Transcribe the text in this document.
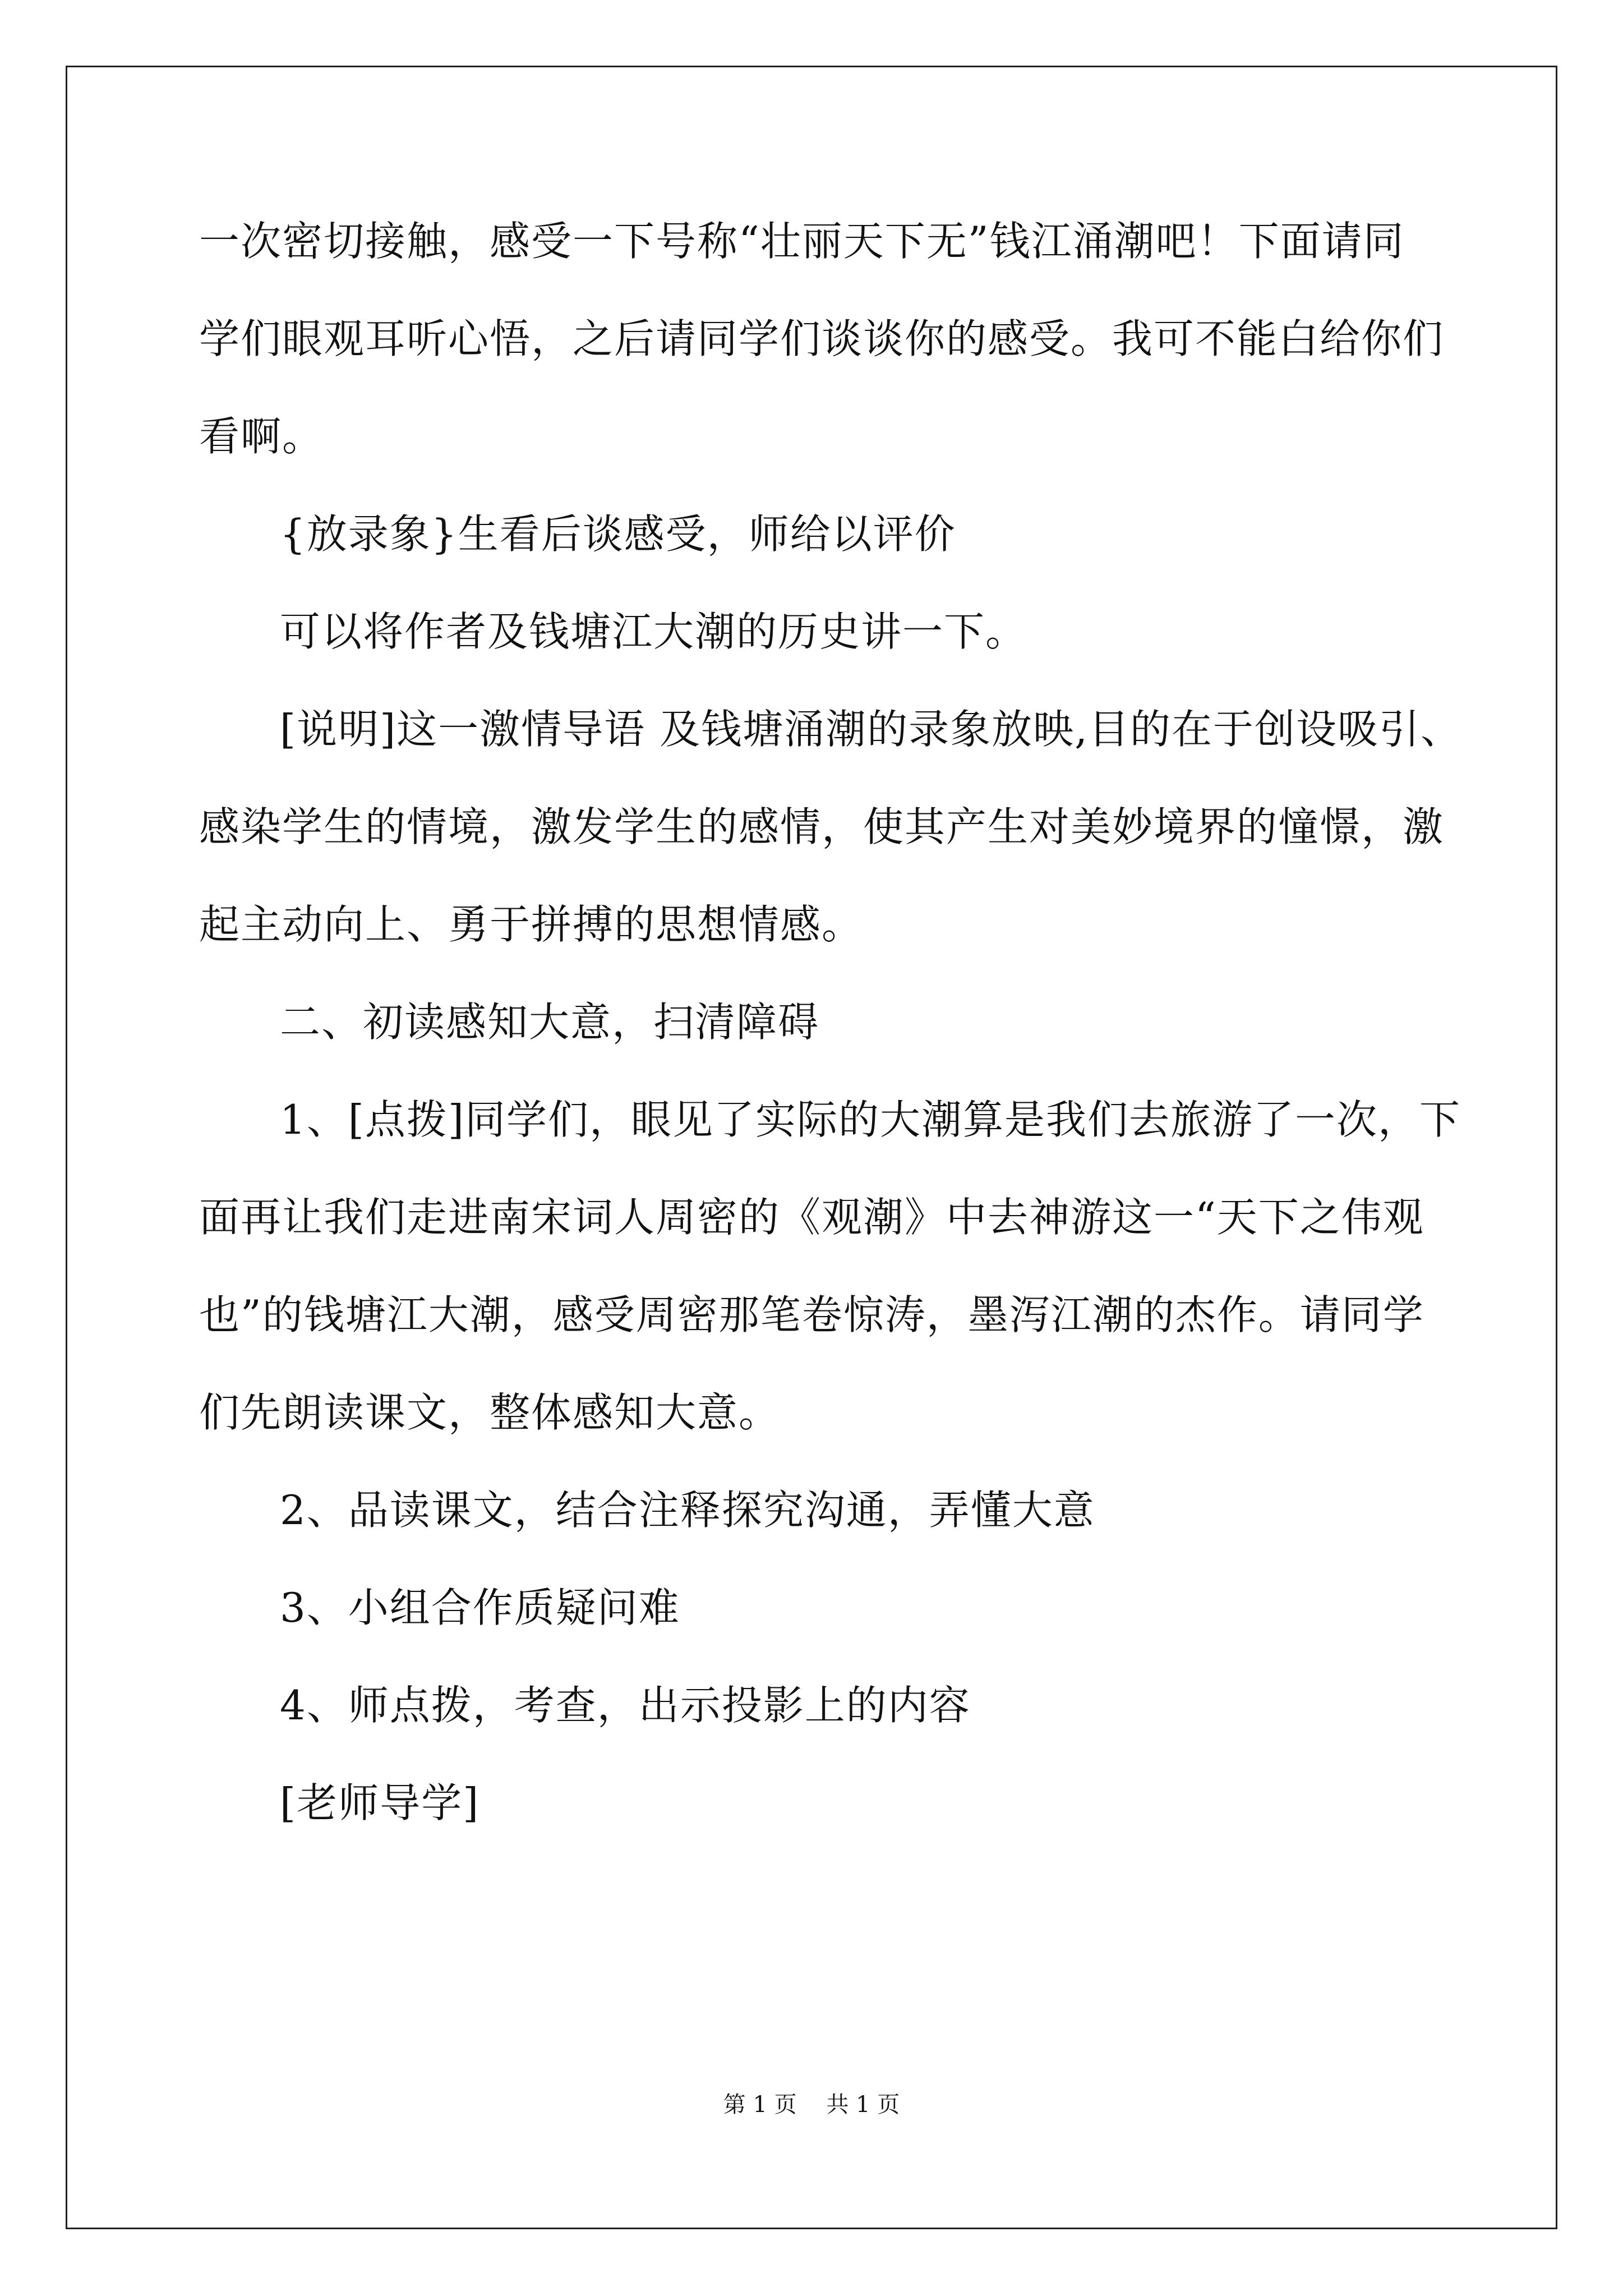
一次密切接触，感受一下号称“壮丽天下无”钱江涌潮吧！下面请同
学们眼观耳听心悟，之后请同学们谈谈你的感受。我可不能白给你们
看啊。
{放录象}生看后谈感受，师给以评价
可以将作者及钱塘江大潮的历史讲一下。
[说明]这一激情导语 及钱塘涌潮的录象放映,目的在于创设吸引、
感染学生的情境，激发学生的感情，使其产生对美妙境界的憧憬，激
起主动向上、勇于拼搏的思想情感。
二、初读感知大意，扫清障碍
1、[点拨]同学们，眼见了实际的大潮算是我们去旅游了一次，下
面再让我们走进南宋词人周密的《观潮》中去神游这一“天下之伟观
也”的钱塘江大潮，感受周密那笔卷惊涛，墨泻江潮的杰作。请同学
们先朗读课文，整体感知大意。
2、品读课文，结合注释探究沟通，弄懂大意
3、小组合作质疑问难
4、师点拨，考查，出示投影上的内容
[老师导学]
第 1 页　 共 1 页
